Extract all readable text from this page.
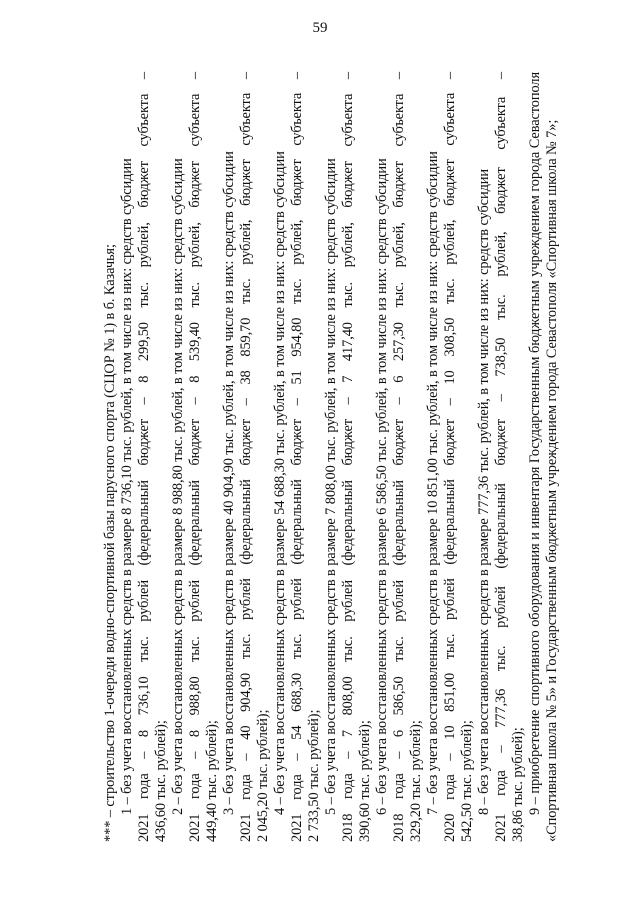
59

*** – строительство 1-очереди водно-спортивной базы парусного спорта (СЦОР № 1) в б. Казачья; 1 – без учета восстановленных средств в размере 8 736,10 тыс. рублей, в том числе из них: средств субсидии 2021 года – 8 736,10 тыс. рублей (федеральный бюджет – 8 299,50 тыс. рублей, бюджет субъекта – 436,60 тыс. рублей); 2 – без учета восстановленных средств в размере 8 988,80 тыс. рублей, в том числе из них: средств субсидии 2021 года – 8 988,80 тыс. рублей (федеральный бюджет – 8 539,40 тыс. рублей, бюджет субъекта – 449,40 тыс. рублей); 3 – без учета восстановленных средств в размере 40 904,90 тыс. рублей, в том числе из них: средств субсидии 2021 года – 40 904,90 тыс. рублей (федеральный бюджет – 38 859,70 тыс. рублей, бюджет субъекта – 2 045,20 тыс. рублей); 4 – без учета восстановленных средств в размере 54 688,30 тыс. рублей, в том числе из них: средств субсидии 2021 года – 54 688,30 тыс. рублей (федеральный бюджет – 51 954,80 тыс. рублей, бюджет субъекта – 2 733,50 тыс. рублей); 5 – без учета восстановленных средств в размере 7 808,00 тыс. рублей, в том числе из них: средств субсидии 2018 года – 7 808,00 тыс. рублей (федеральный бюджет – 7 417,40 тыс. рублей, бюджет субъекта – 390,60 тыс. рублей); 6 – без учета восстановленных средств в размере 6 586,50 тыс. рублей, в том числе из них: средств субсидии 2018 года – 6 586,50 тыс. рублей (федеральный бюджет – 6 257,30 тыс. рублей, бюджет субъекта – 329,20 тыс. рублей); 7 – без учета восстановленных средств в размере 10 851,00 тыс. рублей, в том числе из них: средств субсидии 2020 года – 10 851,00 тыс. рублей (федеральный бюджет – 10 308,50 тыс. рублей, бюджет субъекта – 542,50 тыс. рублей); 8 – без учета восстановленных средств в размере 777,36 тыс. рублей, в том числе из них: средств субсидии 2021 года – 777,36 тыс. рублей (федеральный бюджет – 738,50 тыс. рублей, бюджет субъекта – 38,86 тыс. рублей); 9 – приобретение спортивного оборудования и инвентаря Государственным бюджетным учреждением города Севастополя «Спортивная школа № 5» и Государственным бюджетным учреждением города Севастополя «Спортивная школа № 7»;
